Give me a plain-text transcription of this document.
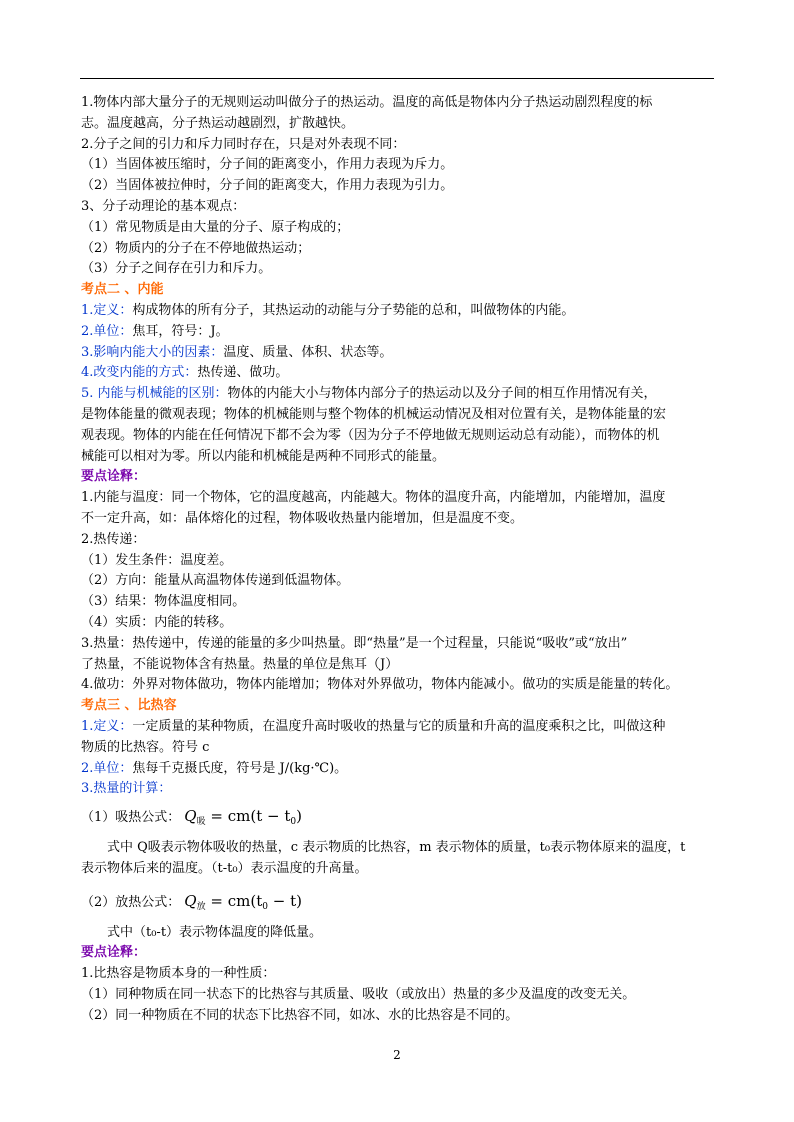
1.物体内部大量分子的无规则运动叫做分子的热运动。温度的高低是物体内分子热运动剧烈程度的标
志。温度越高，分子热运动越剧烈，扩散越快。
2.分子之间的引力和斥力同时存在，只是对外表现不同：
（1）当固体被压缩时，分子间的距离变小，作用力表现为斥力。
（2）当固体被拉伸时，分子间的距离变大，作用力表现为引力。
3、分子动理论的基本观点：
（1）常见物质是由大量的分子、原子构成的；
（2）物质内的分子在不停地做热运动；
（3）分子之间存在引力和斥力。
考点二 、内能
1.定义：构成物体的所有分子，其热运动的动能与分子势能的总和，叫做物体的内能。
2.单位：焦耳，符号：J。
3.影响内能大小的因素：温度、质量、体积、状态等。
4.改变内能的方式：热传递、做功。
5. 内能与机械能的区别：物体的内能大小与物体内部分子的热运动以及分子间的相互作用情况有关，
是物体能量的微观表现；物体的机械能则与整个物体的机械运动情况及相对位置有关，是物体能量的宏
观表现。物体的内能在任何情况下都不会为零（因为分子不停地做无规则运动总有动能），而物体的机
械能可以相对为零。所以内能和机械能是两种不同形式的能量。
要点诠释：
1.内能与温度：同一个物体，它的温度越高，内能越大。物体的温度升高，内能增加，内能增加，温度
不一定升高，如：晶体熔化的过程，物体吸收热量内能增加，但是温度不变。
2.热传递：
（1）发生条件：温度差。
（2）方向：能量从高温物体传递到低温物体。
（3）结果：物体温度相同。
（4）实质：内能的转移。
3.热量：热传递中，传递的能量的多少叫热量。即“热量”是一个过程量，只能说“吸收”或“放出”
了热量，不能说物体含有热量。热量的单位是焦耳（J）
4.做功：外界对物体做功，物体内能增加；物体对外界做功，物体内能减小。做功的实质是能量的转化。
考点三 、比热容
1.定义：一定质量的某种物质，在温度升高时吸收的热量与它的质量和升高的温度乘积之比，叫做这种
物质的比热容。符号 c
2.单位：焦每千克摄氏度，符号是 J/(kg·℃)。
3.热量的计算：
（1）吸热公式： $Q_吸 = cm(t - t_0)$
式中 Q吸表示物体吸收的热量，c 表示物质的比热容，m 表示物体的质量，t₀表示物体原来的温度，t
表示物体后来的温度。（t-t₀）表示温度的升高量。
（2）放热公式： $Q_放 = cm(t_0 - t)$
式中（t₀-t）表示物体温度的降低量。
要点诠释：
1.比热容是物质本身的一种性质：
（1）同种物质在同一状态下的比热容与其质量、吸收（或放出）热量的多少及温度的改变无关。
（2）同一种物质在不同的状态下比热容不同，如冰、水的比热容是不同的。
2
